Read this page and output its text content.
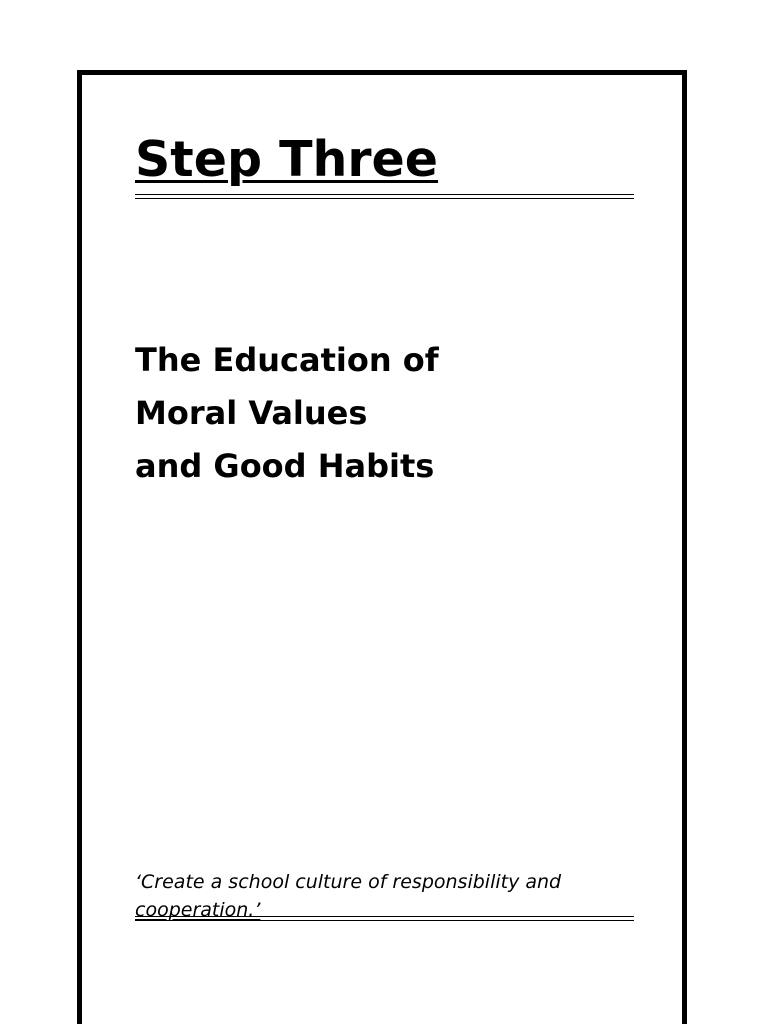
Step Three
The Education of
Moral Values
and Good Habits

‘Create a school culture of responsibility and
cooperation.’
